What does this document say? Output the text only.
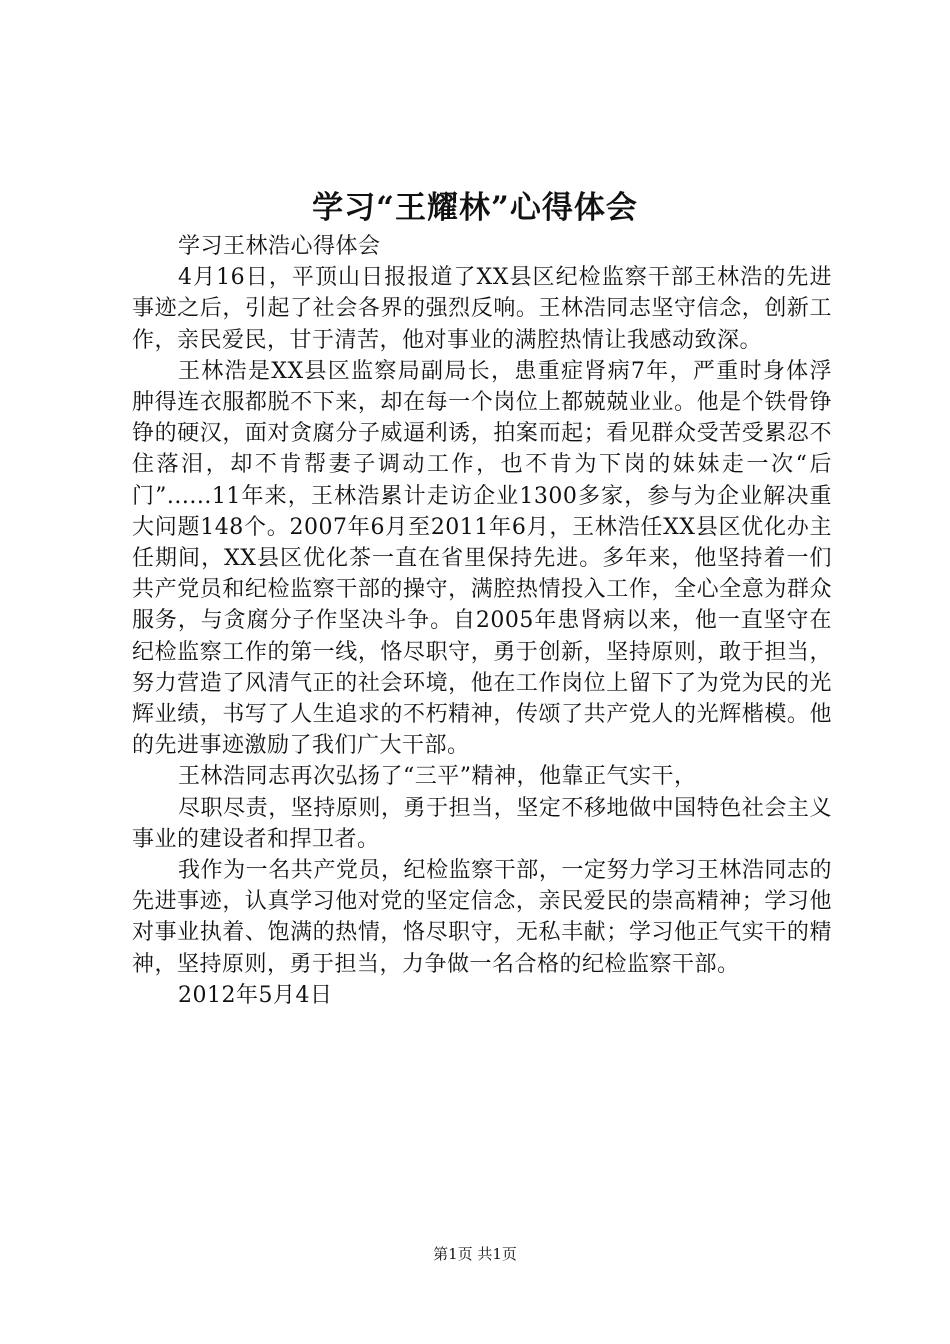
学习“王耀林”心得体会

学习王林浩心得体会

4月16日，平顶山日报报道了XX县区纪检监察干部王林浩的先进事迹之后，引起了社会各界的强烈反响。王林浩同志坚守信念，创新工作，亲民爱民，甘于清苦，他对事业的满腔热情让我感动致深。

王林浩是XX县区监察局副局长，患重症肾病7年，严重时身体浮肿得连衣服都脱不下来，却在每一个岗位上都兢兢业业。他是个铁骨铮铮的硬汉，面对贪腐分子威逼利诱，拍案而起；看见群众受苦受累忍不住落泪，却不肯帮妻子调动工作，也不肯为下岗的妹妹走一次“后门”......11年来，王林浩累计走访企业1300多家，参与为企业解决重大问题148个。2007年6月至2011年6月，王林浩任XX县区优化办主任期间，XX县区优化茶一直在省里保持先进。多年来，他坚持着一们共产党员和纪检监察干部的操守，满腔热情投入工作，全心全意为群众服务，与贪腐分子作坚决斗争。自2005年患肾病以来，他一直坚守在纪检监察工作的第一线，恪尽职守，勇于创新，坚持原则，敢于担当，努力营造了风清气正的社会环境，他在工作岗位上留下了为党为民的光辉业绩，书写了人生追求的不朽精神，传颂了共产党人的光辉楷模。他的先进事迹激励了我们广大干部。

王林浩同志再次弘扬了“三平”精神，他靠正气实干，

尽职尽责，坚持原则，勇于担当，坚定不移地做中国特色社会主义事业的建设者和捍卫者。

我作为一名共产党员，纪检监察干部，一定努力学习王林浩同志的先进事迹，认真学习他对党的坚定信念，亲民爱民的崇高精神；学习他对事业执着、饱满的热情，恪尽职守，无私丰献；学习他正气实干的精神，坚持原则，勇于担当，力争做一名合格的纪检监察干部。

2012年5月4日

第1页 共1页
